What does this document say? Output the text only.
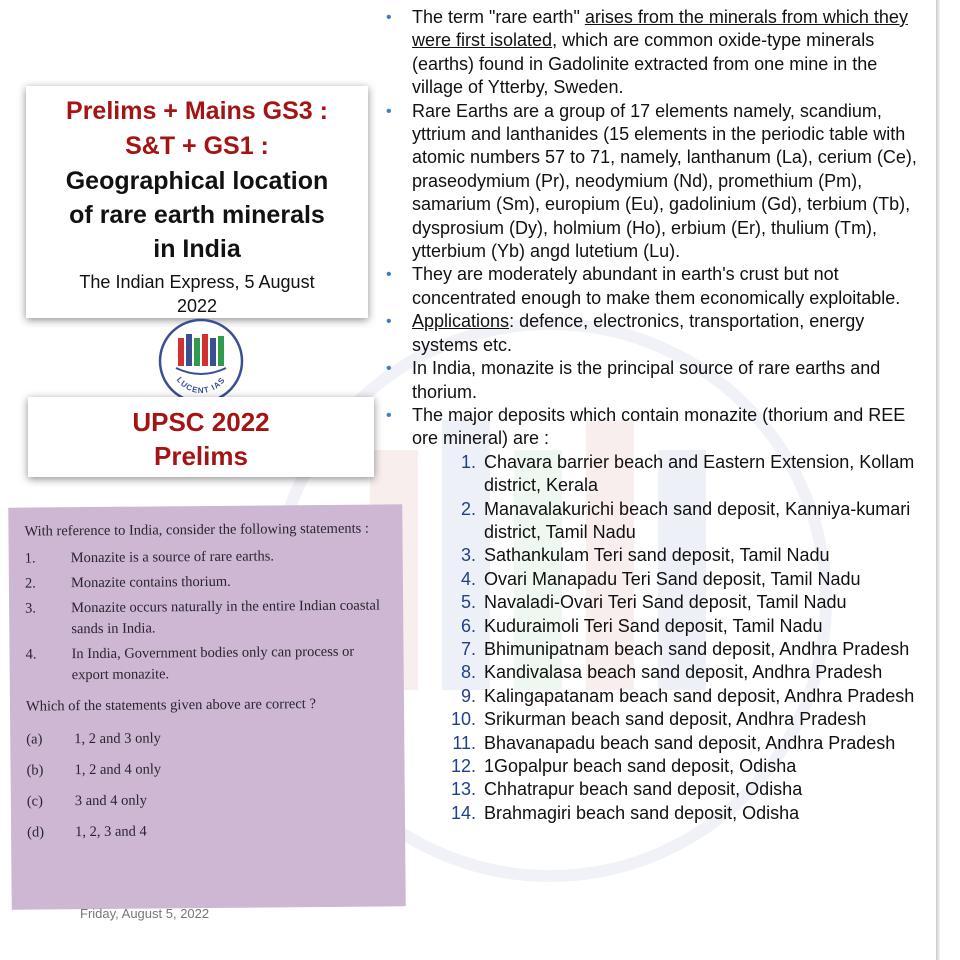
Prelims + Mains GS3 :
S&T + GS1 :
Geographical location
of rare earth minerals
in India
The Indian Express, 5 August
2022
LUCENT IAS
UPSC 2022
Prelims
With reference to India, consider the following statements :
1.	Monazite is a source of rare earths.
2.	Monazite contains thorium.
3.	Monazite occurs naturally in the entire Indian coastal sands in India.
4.	In India, Government bodies only can process or export monazite.
Which of the statements given above are correct ?
(a)	1, 2 and 3 only
(b)	1, 2 and 4 only
(c)	3 and 4 only
(d)	1, 2, 3 and 4
Friday, August 5, 2022
•	The term "rare earth" arises from the minerals from which they were first isolated, which are common oxide-type minerals (earths) found in Gadolinite extracted from one mine in the village of Ytterby, Sweden.
•	Rare Earths are a group of 17 elements namely, scandium, yttrium and lanthanides (15 elements in the periodic table with atomic numbers 57 to 71, namely, lanthanum (La), cerium (Ce), praseodymium (Pr), neodymium (Nd), promethium (Pm), samarium (Sm), europium (Eu), gadolinium (Gd), terbium (Tb), dysprosium (Dy), holmium (Ho), erbium (Er), thulium (Tm), ytterbium (Yb) angd lutetium (Lu).
•	They are moderately abundant in earth's crust but not concentrated enough to make them economically exploitable.
•	Applications: defence, electronics, transportation, energy systems etc.
•	In India, monazite is the principal source of rare earths and thorium.
•	The major deposits which contain monazite (thorium and REE ore mineral) are :
1. Chavara barrier beach and Eastern Extension, Kollam district, Kerala
2. Manavalakurichi beach sand deposit, Kanniya-kumari district, Tamil Nadu
3. Sathankulam Teri sand deposit, Tamil Nadu
4. Ovari Manapadu Teri Sand deposit, Tamil Nadu
5. Navaladi-Ovari Teri Sand deposit, Tamil Nadu
6. Kuduraimoli Teri Sand deposit, Tamil Nadu
7. Bhimunipatnam beach sand deposit, Andhra Pradesh
8. Kandivalasa beach sand deposit, Andhra Pradesh
9. Kalingapatanam beach sand deposit, Andhra Pradesh
10. Srikurman beach sand deposit, Andhra Pradesh
11. Bhavanapadu beach sand deposit, Andhra Pradesh
12. 1Gopalpur beach sand deposit, Odisha
13. Chhatrapur beach sand deposit, Odisha
14. Brahmagiri beach sand deposit, Odisha
